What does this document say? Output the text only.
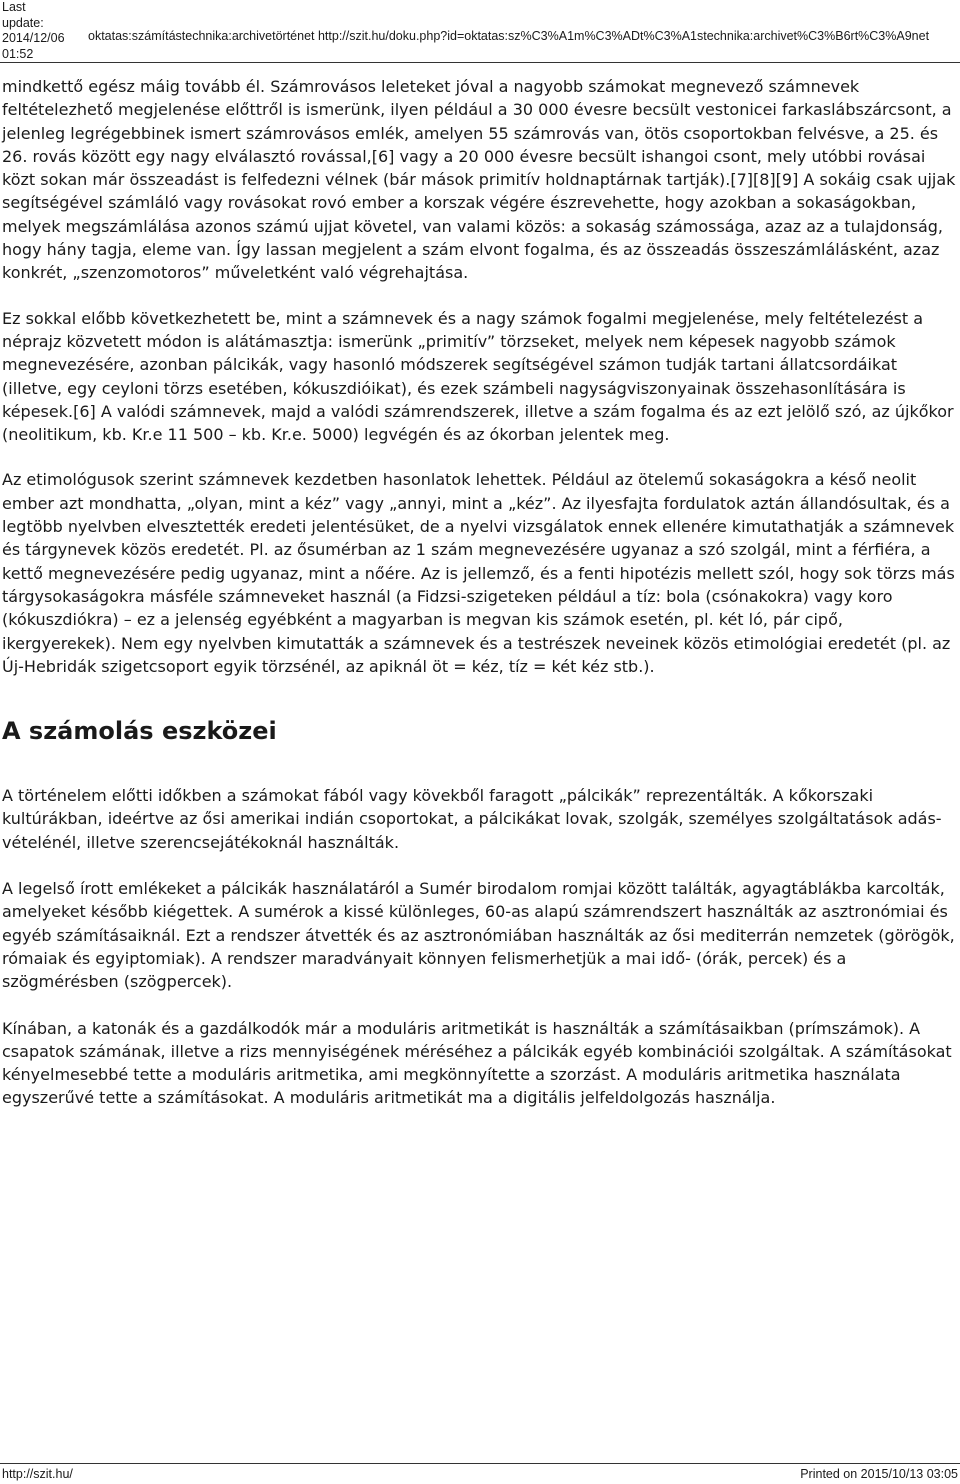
Last
update:
2014/12/06
01:52
oktatas:számítástechnika:archivetörténet http://szit.hu/doku.php?id=oktatas:sz%C3%A1m%C3%ADt%C3%A1stechnika:archivet%C3%B6rt%C3%A9net

mindkettő egész máig tovább él. Számrovásos leleteket jóval a nagyobb számokat megnevező számnevek feltételezhető megjelenése előttről is ismerünk, ilyen például a 30 000 évesre becsült vestonicei farkaslábszárcsont, a jelenleg legrégebbinek ismert számrovásos emlék, amelyen 55 számrovás van, ötös csoportokban felvésve, a 25. és 26. rovás között egy nagy elválasztó rovással,[6] vagy a 20 000 évesre becsült ishangoi csont, mely utóbbi rovásai közt sokan már összeadást is felfedezni vélnek (bár mások primitív holdnaptárnak tartják).[7][8][9] A sokáig csak ujjak segítségével számláló vagy rovásokat rovó ember a korszak végére észrevehette, hogy azokban a sokaságokban, melyek megszámlálása azonos számú ujjat követel, van valami közös: a sokaság számossága, azaz az a tulajdonság, hogy hány tagja, eleme van. Így lassan megjelent a szám elvont fogalma, és az összeadás összeszámlálásként, azaz konkrét, „szenzomotoros” műveletként való végrehajtása.

Ez sokkal előbb következhetett be, mint a számnevek és a nagy számok fogalmi megjelenése, mely feltételezést a néprajz közvetett módon is alátámasztja: ismerünk „primitív” törzseket, melyek nem képesek nagyobb számok megnevezésére, azonban pálcikák, vagy hasonló módszerek segítségével számon tudják tartani állatcsordáikat (illetve, egy ceyloni törzs esetében, kókuszdióikat), és ezek számbeli nagyságviszonyainak összehasonlítására is képesek.[6] A valódi számnevek, majd a valódi számrendszerek, illetve a szám fogalma és az ezt jelölő szó, az újkőkor (neolitikum, kb. Kr.e 11 500 – kb. Kr.e. 5000) legvégén és az ókorban jelentek meg.

Az etimológusok szerint számnevek kezdetben hasonlatok lehettek. Például az ötelemű sokaságokra a késő neolit ember azt mondhatta, „olyan, mint a kéz” vagy „annyi, mint a „kéz”. Az ilyesfajta fordulatok aztán állandósultak, és a legtöbb nyelvben elvesztették eredeti jelentésüket, de a nyelvi vizsgálatok ennek ellenére kimutathatják a számnevek és tárgynevek közös eredetét. Pl. az ősumérban az 1 szám megnevezésére ugyanaz a szó szolgál, mint a férfiéra, a kettő megnevezésére pedig ugyanaz, mint a nőére. Az is jellemző, és a fenti hipotézis mellett szól, hogy sok törzs más tárgysokaságokra másféle számneveket használ (a Fidzsi-szigeteken például a tíz: bola (csónakokra) vagy koro (kókuszdiókra) – ez a jelenség egyébként a magyarban is megvan kis számok esetén, pl. két ló, pár cipő, ikergyerekek). Nem egy nyelvben kimutatták a számnevek és a testrészek neveinek közös etimológiai eredetét (pl. az Új-Hebridák szigetcsoport egyik törzsénél, az apiknál öt = kéz, tíz = két kéz stb.).

A számolás eszközei

A történelem előtti időkben a számokat fából vagy kövekből faragott „pálcikák” reprezentálták. A kőkorszaki kultúrákban, ideértve az ősi amerikai indián csoportokat, a pálcikákat lovak, szolgák, személyes szolgáltatások adás-vételénél, illetve szerencsejátékoknál használták.

A legelső írott emlékeket a pálcikák használatáról a Sumér birodalom romjai között találták, agyagtáblákba karcolták, amelyeket később kiégettek. A sumérok a kissé különleges, 60-as alapú számrendszert használták az asztronómiai és egyéb számításaiknál. Ezt a rendszer átvették és az asztronómiában használták az ősi mediterrán nemzetek (görögök, rómaiak és egyiptomiak). A rendszer maradványait könnyen felismerhetjük a mai idő- (órák, percek) és a szögmérésben (szögpercek).

Kínában, a katonák és a gazdálkodók már a moduláris aritmetikát is használták a számításaikban (prímszámok). A csapatok számának, illetve a rizs mennyiségének méréséhez a pálcikák egyéb kombinációi szolgáltak. A számításokat kényelmesebbé tette a moduláris aritmetika, ami megkönnyítette a szorzást. A moduláris aritmetika használata egyszerűvé tette a számításokat. A moduláris aritmetikát ma a digitális jelfeldolgozás használja.

http://szit.hu/	Printed on 2015/10/13 03:05
